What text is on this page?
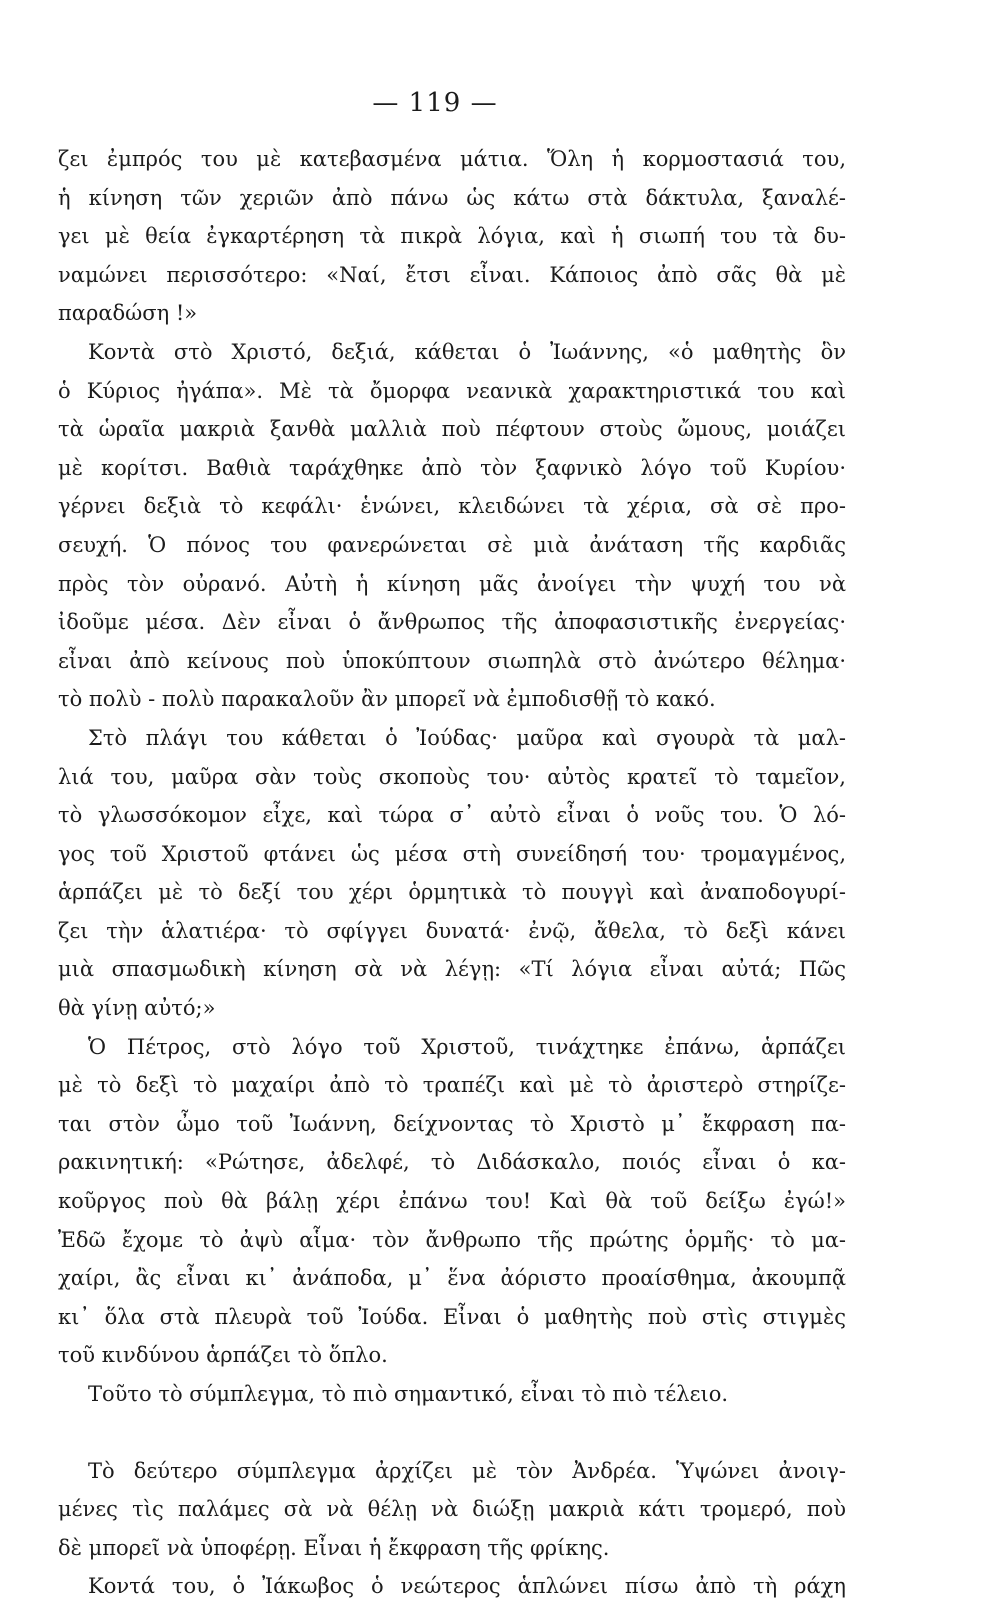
— 119 —
ζει ἐμπρός του μὲ κατεβασμένα μάτια. Ὅλη ἡ κορμοστασιά του,
ἡ κίνηση τῶν χεριῶν ἀπὸ πάνω ὡς κάτω στὰ δάκτυλα, ξαναλέ-
γει μὲ θεία ἐγκαρτέρηση τὰ πικρὰ λόγια, καὶ ἡ σιωπή του τὰ δυ-
ναμώνει περισσότερο: «Ναί, ἔτσι εἶναι. Κάποιος ἀπὸ σᾶς θὰ μὲ
παραδώση !»
Κοντὰ στὸ Χριστό, δεξιά, κάθεται ὁ Ἰωάννης, «ὁ μαθητὴς ὃν
ὁ Κύριος ἠγάπα». Μὲ τὰ ὄμορφα νεανικὰ χαρακτηριστικά του καὶ
τὰ ὡραῖα μακριὰ ξανθὰ μαλλιὰ ποὺ πέφτουν στοὺς ὤμους, μοιάζει
μὲ κορίτσι. Βαθιὰ ταράχθηκε ἀπὸ τὸν ξαφνικὸ λόγο τοῦ Κυρίου·
γέρνει δεξιὰ τὸ κεφάλι· ἑνώνει, κλειδώνει τὰ χέρια, σὰ σὲ προ-
σευχή. Ὁ πόνος του φανερώνεται σὲ μιὰ ἀνάταση τῆς καρδιᾶς
πρὸς τὸν οὐρανό. Αὐτὴ ἡ κίνηση μᾶς ἀνοίγει τὴν ψυχή του νὰ
ἰδοῦμε μέσα. Δὲν εἶναι ὁ ἄνθρωπος τῆς ἀποφασιστικῆς ἐνεργείας·
εἶναι ἀπὸ κείνους ποὺ ὑποκύπτουν σιωπηλὰ στὸ ἀνώτερο θέλημα·
τὸ πολὺ - πολὺ παρακαλοῦν ἂν μπορεῖ νὰ ἐμποδισθῇ τὸ κακό.
Στὸ πλάγι του κάθεται ὁ Ἰούδας· μαῦρα καὶ σγουρὰ τὰ μαλ-
λιά του, μαῦρα σὰν τοὺς σκοποὺς του· αὐτὸς κρατεῖ τὸ ταμεῖον,
τὸ γλωσσόκομον εἶχε, καὶ τώρα σ᾿ αὐτὸ εἶναι ὁ νοῦς του. Ὁ λό-
γος τοῦ Χριστοῦ φτάνει ὡς μέσα στὴ συνείδησή του· τρομαγμένος,
ἁρπάζει μὲ τὸ δεξί του χέρι ὁρμητικὰ τὸ πουγγὶ καὶ ἀναποδογυρί-
ζει τὴν ἁλατιέρα· τὸ σφίγγει δυνατά· ἐνῷ, ἄθελα, τὸ δεξὶ κάνει
μιὰ σπασμωδικὴ κίνηση σὰ νὰ λέγῃ: «Τί λόγια εἶναι αὐτά; Πῶς
θὰ γίνῃ αὐτό;»
Ὁ Πέτρος, στὸ λόγο τοῦ Χριστοῦ, τινάχτηκε ἐπάνω, ἁρπάζει
μὲ τὸ δεξὶ τὸ μαχαίρι ἀπὸ τὸ τραπέζι καὶ μὲ τὸ ἀριστερὸ στηρίζε-
ται στὸν ὦμο τοῦ Ἰωάννη, δείχνοντας τὸ Χριστὸ μ᾿ ἔκφραση πα-
ρακινητική: «Ρώτησε, ἀδελφέ, τὸ Διδάσκαλο, ποιός εἶναι ὁ κα-
κοῦργος ποὺ θὰ βάλῃ χέρι ἐπάνω του! Καὶ θὰ τοῦ δείξω ἐγώ!»
Ἐδῶ ἔχομε τὸ ἀψὺ αἷμα· τὸν ἄνθρωπο τῆς πρώτης ὁρμῆς· τὸ μα-
χαίρι, ἂς εἶναι κι᾿ ἀνάποδα, μ᾿ ἕνα ἀόριστο προαίσθημα, ἀκουμπᾷ
κι᾿ ὅλα στὰ πλευρὰ τοῦ Ἰούδα. Εἶναι ὁ μαθητὴς ποὺ στὶς στιγμὲς
τοῦ κινδύνου ἁρπάζει τὸ ὅπλο.
Τοῦτο τὸ σύμπλεγμα, τὸ πιὸ σημαντικό, εἶναι τὸ πιὸ τέλειο.
Τὸ δεύτερο σύμπλεγμα ἀρχίζει μὲ τὸν Ἀνδρέα. Ὑψώνει ἀνοιγ-
μένες τὶς παλάμες σὰ νὰ θέλῃ νὰ διώξῃ μακριὰ κάτι τρομερό, ποὺ
δὲ μπορεῖ νὰ ὑποφέρῃ. Εἶναι ἡ ἔκφραση τῆς φρίκης.
Κοντά του, ὁ Ἰάκωβος ὁ νεώτερος ἁπλώνει πίσω ἀπὸ τὴ ράχη
